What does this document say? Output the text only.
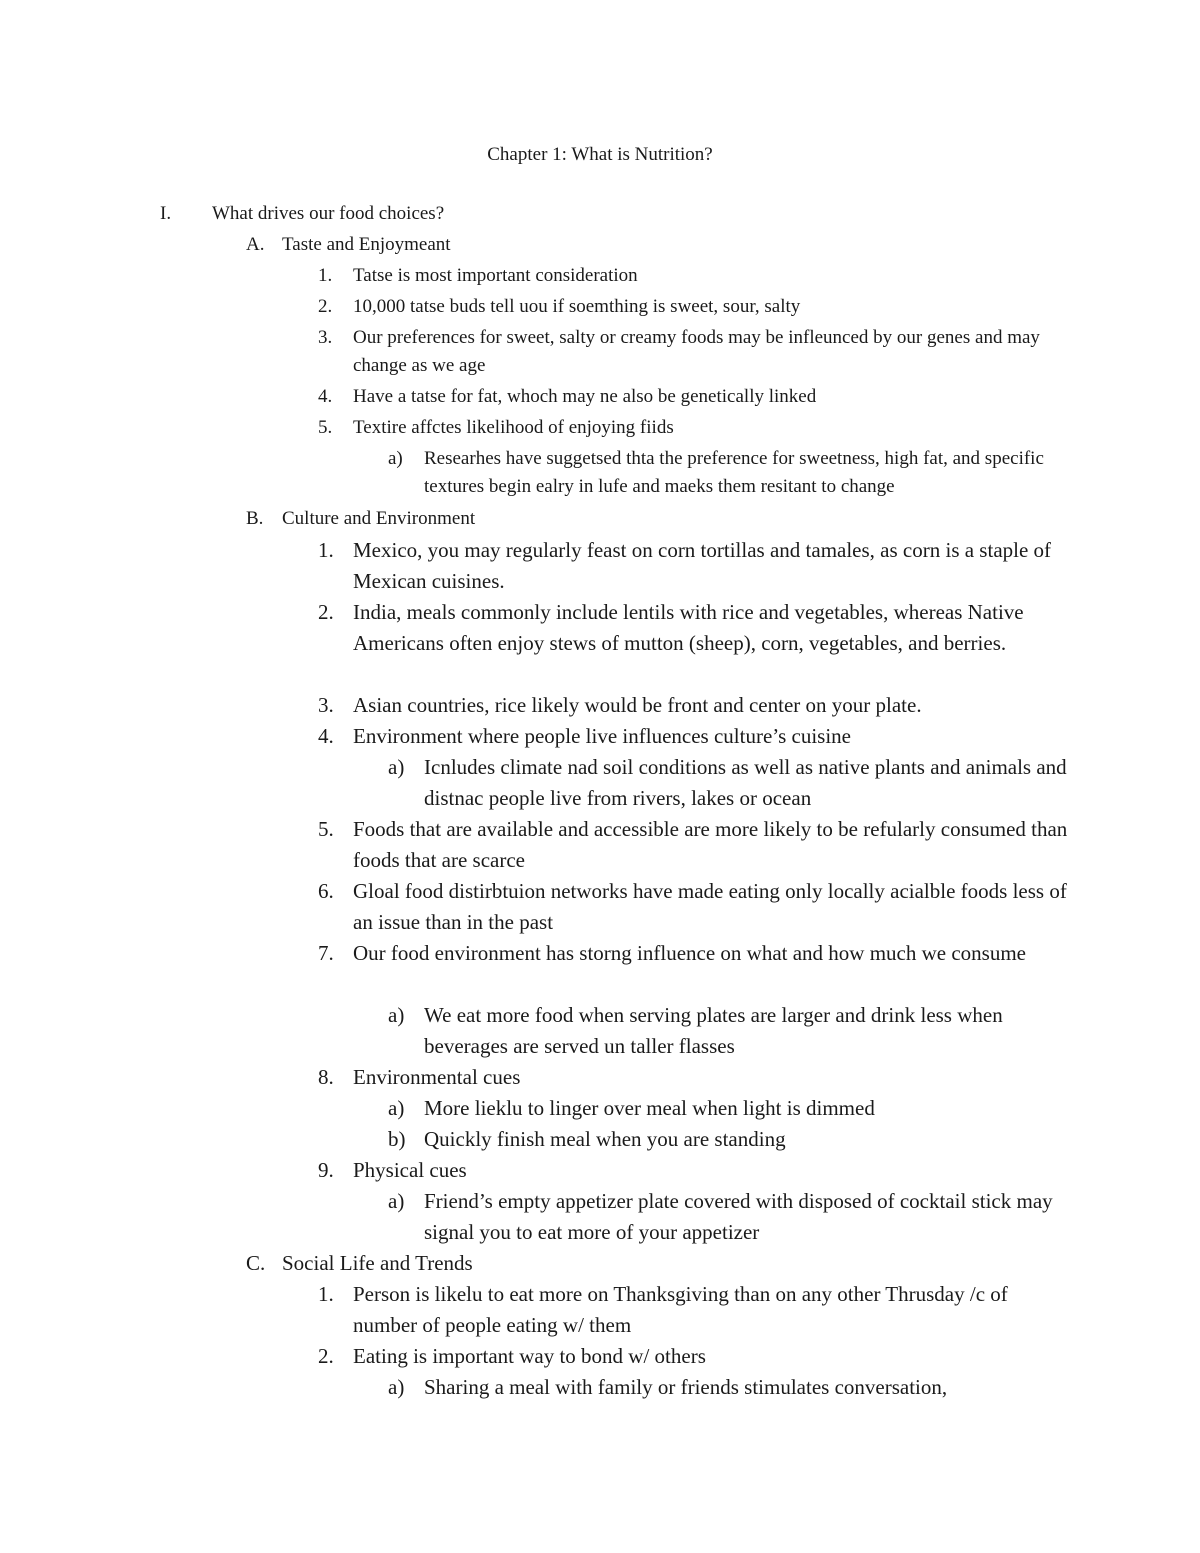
Chapter 1: What is Nutrition?
I. What drives our food choices?
A. Taste and Enjoymeant
1. Tatse is most important consideration
2. 10,000 tatse buds tell uou if soemthing is sweet, sour, salty
3. Our preferences for sweet, salty or creamy foods may be infleunced by our genes and may change as we age
4. Have a tatse for fat, whoch may ne also be genetically linked
5. Textire affctes likelihood of enjoying fiids
a) Researhes have suggetsed thta the preference for sweetness, high fat, and specific textures begin ealry in lufe and maeks them resitant to change
B. Culture and Environment
1. Mexico, you may regularly feast on corn tortillas and tamales, as corn is a staple of Mexican cuisines.
2. India, meals commonly include lentils with rice and vegetables, whereas Native Americans often enjoy stews of mutton (sheep), corn, vegetables, and berries.
3. Asian countries, rice likely would be front and center on your plate.
4. Environment where people live influences culture’s cuisine
a) Icnludes climate nad soil conditions as well as native plants and animals and distnac people live from rivers, lakes or ocean
5. Foods that are available and accessible are more likely to be refularly consumed than foods that are scarce
6. Gloal food distirbtuion networks have made eating only locally acialble foods less of an issue than in the past
7. Our food environment has storng influence on what and how much we consume
a) We eat more food when serving plates are larger and drink less when beverages are served un taller flasses
8. Environmental cues
a) More lieklu to linger over meal when light is dimmed
b) Quickly finish meal when you are standing
9. Physical cues
a) Friend’s empty appetizer plate covered with disposed of cocktail stick may signal you to eat more of your appetizer
C. Social Life and Trends
1. Person is likelu to eat more on Thanksgiving than on any other Thrusday /c of number of people eating w/ them
2. Eating is important way to bond w/ others
a) Sharing a meal with family or friends stimulates conversation,
